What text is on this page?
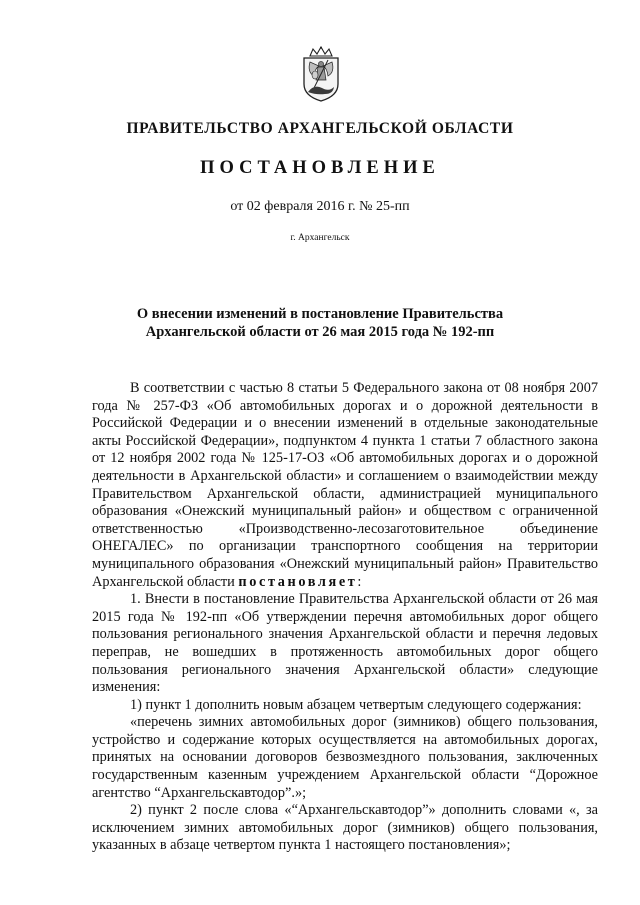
ПРАВИТЕЛЬСТВО АРХАНГЕЛЬСКОЙ ОБЛАСТИ
ПОСТАНОВЛЕНИЕ
от 02 февраля 2016 г. № 25-пп
г. Архангельск
О внесении изменений в постановление Правительства
Архангельской области от 26 мая 2015 года № 192-пп

В соответствии с частью 8 статьи 5 Федерального закона от 08 ноября 2007 года № 257-ФЗ «Об автомобильных дорогах и о дорожной деятельности в Российской Федерации и о внесении изменений в отдельные законодательные акты Российской Федерации», подпунктом 4 пункта 1 статьи 7 областного закона от 12 ноября 2002 года № 125-17-ОЗ «Об автомобильных дорогах и о дорожной деятельности в Архангельской области» и соглашением о взаимодействии между Правительством Архангельской области, администрацией муниципального образования «Онежский муниципальный район» и обществом с ограниченной ответственностью «Производственно-лесозаготовительное объединение ОНЕГАЛЕС» по организации транспортного сообщения на территории муниципального образования «Онежский муниципальный район» Правительство Архангельской области постановляет:

1. Внести в постановление Правительства Архангельской области от 26 мая 2015 года № 192-пп «Об утверждении перечня автомобильных дорог общего пользования регионального значения Архангельской области и перечня ледовых переправ, не вошедших в протяженность автомобильных дорог общего пользования регионального значения Архангельской области» следующие изменения:

1) пункт 1 дополнить новым абзацем четвертым следующего содержания:

«перечень зимних автомобильных дорог (зимников) общего пользования, устройство и содержание которых осуществляется на автомобильных дорогах, принятых на основании договоров безвозмездного пользования, заключенных государственным казенным учреждением Архангельской области “Дорожное агентство “Архангельскавтодор”.»;

2) пункт 2 после слова «“Архангельскавтодор”» дополнить словами «, за исключением зимних автомобильных дорог (зимников) общего пользования, указанных в абзаце четвертом пункта 1 настоящего постановления»;
